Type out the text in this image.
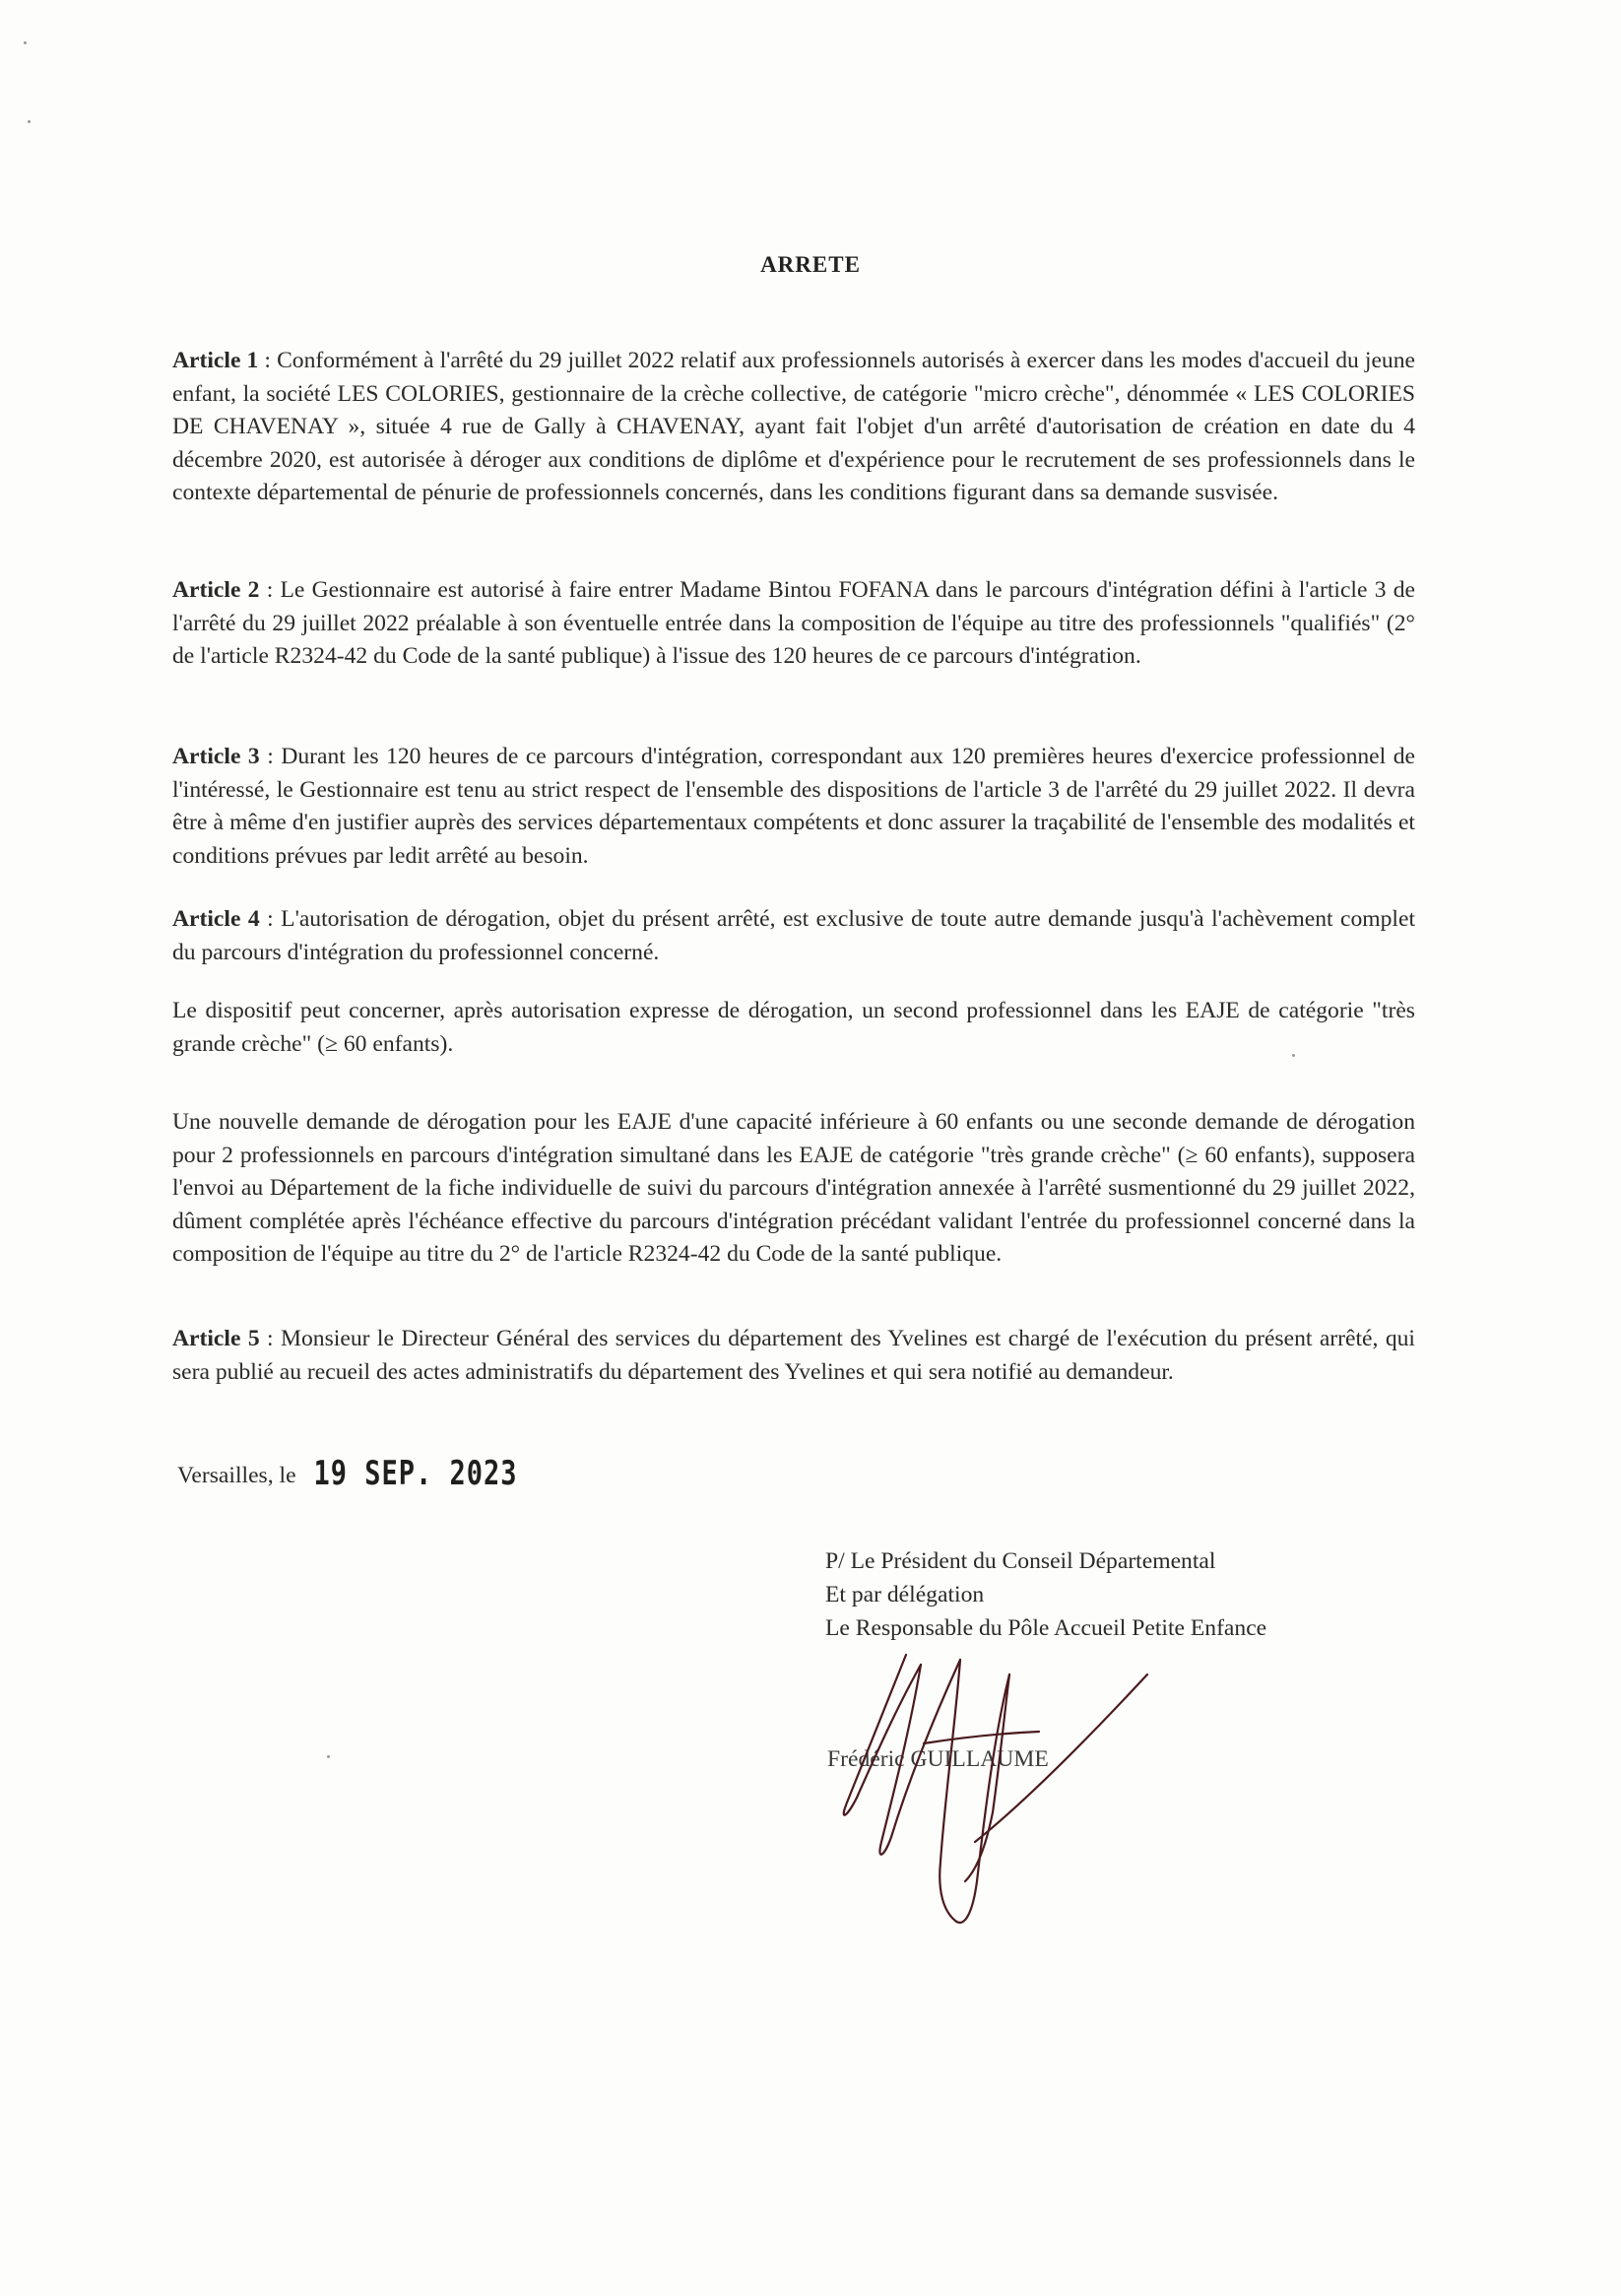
ARRETE
Article 1 : Conformément à l'arrêté du 29 juillet 2022 relatif aux professionnels autorisés à exercer dans les modes d'accueil du jeune enfant, la société LES COLORIES, gestionnaire de la crèche collective, de catégorie "micro crèche", dénommée « LES COLORIES DE CHAVENAY », située 4 rue de Gally à CHAVENAY, ayant fait l'objet d'un arrêté d'autorisation de création en date du 4 décembre 2020, est autorisée à déroger aux conditions de diplôme et d'expérience pour le recrutement de ses professionnels dans le contexte départemental de pénurie de professionnels concernés, dans les conditions figurant dans sa demande susvisée.
Article 2 : Le Gestionnaire est autorisé à faire entrer Madame Bintou FOFANA dans le parcours d'intégration défini à l'article 3 de l'arrêté du 29 juillet 2022 préalable à son éventuelle entrée dans la composition de l'équipe au titre des professionnels "qualifiés" (2° de l'article R2324-42 du Code de la santé publique) à l'issue des 120 heures de ce parcours d'intégration.
Article 3 : Durant les 120 heures de ce parcours d'intégration, correspondant aux 120 premières heures d'exercice professionnel de l'intéressé, le Gestionnaire est tenu au strict respect de l'ensemble des dispositions de l'article 3 de l'arrêté du 29 juillet 2022. Il devra être à même d'en justifier auprès des services départementaux compétents et donc assurer la traçabilité de l'ensemble des modalités et conditions prévues par ledit arrêté au besoin.
Article 4 : L'autorisation de dérogation, objet du présent arrêté, est exclusive de toute autre demande jusqu'à l'achèvement complet du parcours d'intégration du professionnel concerné.
Le dispositif peut concerner, après autorisation expresse de dérogation, un second professionnel dans les EAJE de catégorie "très grande crèche" (≥ 60 enfants).
Une nouvelle demande de dérogation pour les EAJE d'une capacité inférieure à 60 enfants ou une seconde demande de dérogation pour 2 professionnels en parcours d'intégration simultané dans les EAJE de catégorie "très grande crèche" (≥ 60 enfants), supposera l'envoi au Département de la fiche individuelle de suivi du parcours d'intégration annexée à l'arrêté susmentionné du 29 juillet 2022, dûment complétée après l'échéance effective du parcours d'intégration précédant validant l'entrée du professionnel concerné dans la composition de l'équipe au titre du 2° de l'article R2324-42 du Code de la santé publique.
Article 5 : Monsieur le Directeur Général des services du département des Yvelines est chargé de l'exécution du présent arrêté, qui sera publié au recueil des actes administratifs du département des Yvelines et qui sera notifié au demandeur.
Versailles, le 19 SEP. 2023
P/ Le Président du Conseil Départemental
Et par délégation
Le Responsable du Pôle Accueil Petite Enfance
Frédéric GUILLAUME
